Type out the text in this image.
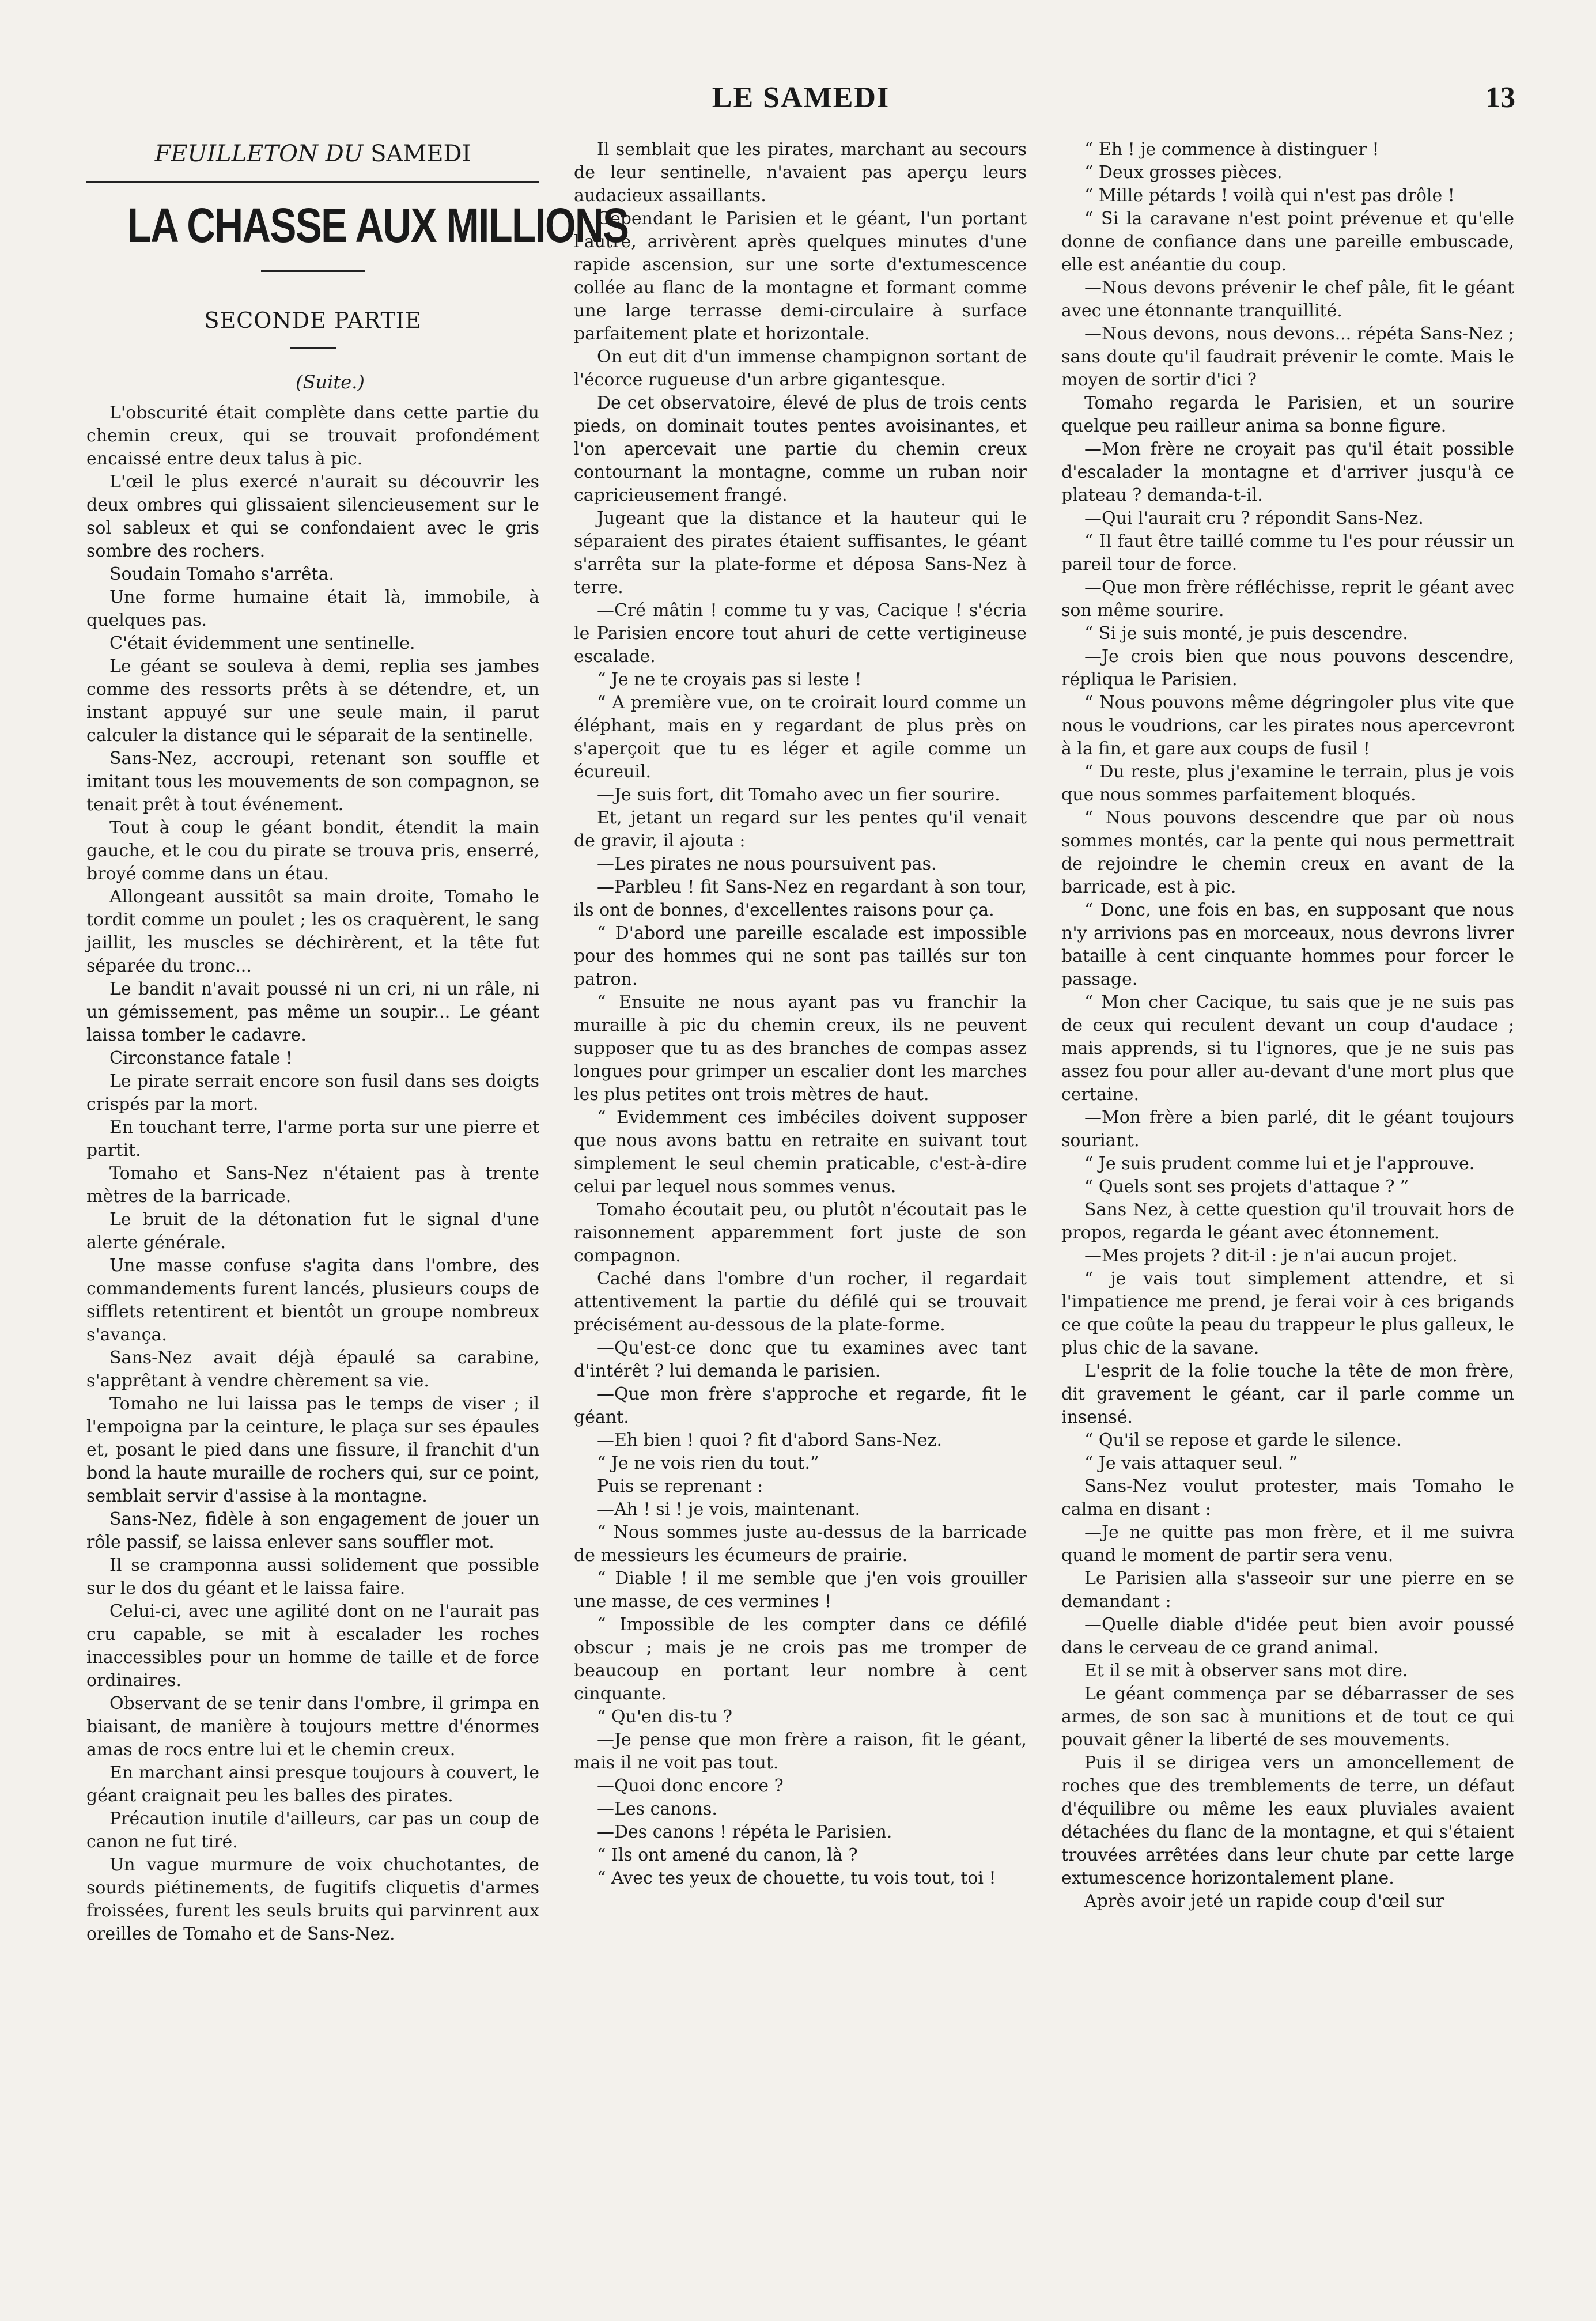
LE SAMEDI	13
FEUILLETON DU SAMEDI
LA CHASSE AUX MILLIONS
SECONDE PARTIE
(Suite.)

L'obscurité était complète dans cette partie du chemin creux, qui se trouvait profondément encaissé entre deux talus à pic.

L'œil le plus exercé n'aurait su découvrir les deux ombres qui glissaient silencieusement sur le sol sableux et qui se confondaient avec le gris sombre des rochers.

Soudain Tomaho s'arrêta.

Une forme humaine était là, immobile, à quelques pas.

C'était évidemment une sentinelle.

Le géant se souleva à demi, replia ses jambes comme des ressorts prêts à se détendre, et, un instant appuyé sur une seule main, il parut calculer la distance qui le séparait de la sentinelle.

Sans-Nez, accroupi, retenant son souffle et imitant tous les mouvements de son compagnon, se tenait prêt à tout événement.

Tout à coup le géant bondit, étendit la main gauche, et le cou du pirate se trouva pris, enserré, broyé comme dans un étau.

Allongeant aussitôt sa main droite, Tomaho le tordit comme un poulet ; les os craquèrent, le sang jaillit, les muscles se déchirèrent, et la tête fut séparée du tronc...

Le bandit n'avait poussé ni un cri, ni un râle, ni un gémissement, pas même un soupir... Le géant laissa tomber le cadavre.

Circonstance fatale !

Le pirate serrait encore son fusil dans ses doigts crispés par la mort.

En touchant terre, l'arme porta sur une pierre et partit.

Tomaho et Sans-Nez n'étaient pas à trente mètres de la barricade.

Le bruit de la détonation fut le signal d'une alerte générale.

Une masse confuse s'agita dans l'ombre, des commandements furent lancés, plusieurs coups de sifflets retentirent et bientôt un groupe nombreux s'avança.

Sans-Nez avait déjà épaulé sa carabine, s'apprêtant à vendre chèrement sa vie.

Tomaho ne lui laissa pas le temps de viser ; il l'empoigna par la ceinture, le plaça sur ses épaules et, posant le pied dans une fissure, il franchit d'un bond la haute muraille de rochers qui, sur ce point, semblait servir d'assise à la montagne.

Sans-Nez, fidèle à son engagement de jouer un rôle passif, se laissa enlever sans souffler mot.

Il se cramponna aussi solidement que possible sur le dos du géant et le laissa faire.

Celui-ci, avec une agilité dont on ne l'aurait pas cru capable, se mit à escalader les roches inaccessibles pour un homme de taille et de force ordinaires.

Observant de se tenir dans l'ombre, il grimpa en biaisant, de manière à toujours mettre d'énormes amas de rocs entre lui et le chemin creux.

En marchant ainsi presque toujours à couvert, le géant craignait peu les balles des pirates.

Précaution inutile d'ailleurs, car pas un coup de canon ne fut tiré.

Un vague murmure de voix chuchotantes, de sourds piétinements, de fugitifs cliquetis d'armes froissées, furent les seuls bruits qui parvinrent aux oreilles de Tomaho et de Sans-Nez.

Il semblait que les pirates, marchant au secours de leur sentinelle, n'avaient pas aperçu leurs audacieux assaillants.

Cependant le Parisien et le géant, l'un portant l'autre, arrivèrent après quelques minutes d'une rapide ascension, sur une sorte d'extumescence collée au flanc de la montagne et formant comme une large terrasse demi-circulaire à surface parfaitement plate et horizontale.

On eut dit d'un immense champignon sortant de l'écorce rugueuse d'un arbre gigantesque.

De cet observatoire, élevé de plus de trois cents pieds, on dominait toutes pentes avoisinantes, et l'on apercevait une partie du chemin creux contournant la montagne, comme un ruban noir capricieusement frangé.

Jugeant que la distance et la hauteur qui le séparaient des pirates étaient suffisantes, le géant s'arrêta sur la plate-forme et déposa Sans-Nez à terre.

—Cré mâtin ! comme tu y vas, Cacique ! s'écria le Parisien encore tout ahuri de cette vertigineuse escalade.

“ Je ne te croyais pas si leste !

“ A première vue, on te croirait lourd comme un éléphant, mais en y regardant de plus près on s'aperçoit que tu es léger et agile comme un écureuil.

—Je suis fort, dit Tomaho avec un fier sourire.

Et, jetant un regard sur les pentes qu'il venait de gravir, il ajouta :

—Les pirates ne nous poursuivent pas.

—Parbleu ! fit Sans-Nez en regardant à son tour, ils ont de bonnes, d'excellentes raisons pour ça.

“ D'abord une pareille escalade est impossible pour des hommes qui ne sont pas taillés sur ton patron.

“ Ensuite ne nous ayant pas vu franchir la muraille à pic du chemin creux, ils ne peuvent supposer que tu as des branches de compas assez longues pour grimper un escalier dont les marches les plus petites ont trois mètres de haut.

“ Evidemment ces imbéciles doivent supposer que nous avons battu en retraite en suivant tout simplement le seul chemin praticable, c'est-à-dire celui par lequel nous sommes venus.

Tomaho écoutait peu, ou plutôt n'écoutait pas le raisonnement apparemment fort juste de son compagnon.

Caché dans l'ombre d'un rocher, il regardait attentivement la partie du défilé qui se trouvait précisément au-dessous de la plate-forme.

—Qu'est-ce donc que tu examines avec tant d'intérêt ? lui demanda le parisien.

—Que mon frère s'approche et regarde, fit le géant.

—Eh bien ! quoi ? fit d'abord Sans-Nez.

“ Je ne vois rien du tout.”

Puis se reprenant :

—Ah ! si ! je vois, maintenant.

“ Nous sommes juste au-dessus de la barricade de messieurs les écumeurs de prairie.

“ Diable ! il me semble que j'en vois grouiller une masse, de ces vermines !

“ Impossible de les compter dans ce défilé obscur ; mais je ne crois pas me tromper de beaucoup en portant leur nombre à cent cinquante.

“ Qu'en dis-tu ?

—Je pense que mon frère a raison, fit le géant, mais il ne voit pas tout.

—Quoi donc encore ?

—Les canons.

—Des canons ! répéta le Parisien.

“ Ils ont amené du canon, là ?

“ Avec tes yeux de chouette, tu vois tout, toi !

“ Eh ! je commence à distinguer !

“ Deux grosses pièces.

“ Mille pétards ! voilà qui n'est pas drôle !

“ Si la caravane n'est point prévenue et qu'elle donne de confiance dans une pareille embuscade, elle est anéantie du coup.

—Nous devons prévenir le chef pâle, fit le géant avec une étonnante tranquillité.

—Nous devons, nous devons... répéta Sans-Nez ; sans doute qu'il faudrait prévenir le comte. Mais le moyen de sortir d'ici ?

Tomaho regarda le Parisien, et un sourire quelque peu railleur anima sa bonne figure.

—Mon frère ne croyait pas qu'il était possible d'escalader la montagne et d'arriver jusqu'à ce plateau ? demanda-t-il.

—Qui l'aurait cru ? répondit Sans-Nez.

“ Il faut être taillé comme tu l'es pour réussir un pareil tour de force.

—Que mon frère réfléchisse, reprit le géant avec son même sourire.

“ Si je suis monté, je puis descendre.

—Je crois bien que nous pouvons descendre, répliqua le Parisien.

“ Nous pouvons même dégringoler plus vite que nous le voudrions, car les pirates nous apercevront à la fin, et gare aux coups de fusil !

“ Du reste, plus j'examine le terrain, plus je vois que nous sommes parfaitement bloqués.

“ Nous pouvons descendre que par où nous sommes montés, car la pente qui nous permettrait de rejoindre le chemin creux en avant de la barricade, est à pic.

“ Donc, une fois en bas, en supposant que nous n'y arrivions pas en morceaux, nous devrons livrer bataille à cent cinquante hommes pour forcer le passage.

“ Mon cher Cacique, tu sais que je ne suis pas de ceux qui reculent devant un coup d'audace ; mais apprends, si tu l'ignores, que je ne suis pas assez fou pour aller au-devant d'une mort plus que certaine.

—Mon frère a bien parlé, dit le géant toujours souriant.

“ Je suis prudent comme lui et je l'approuve.

“ Quels sont ses projets d'attaque ? ”

Sans Nez, à cette question qu'il trouvait hors de propos, regarda le géant avec étonnement.

—Mes projets ? dit-il : je n'ai aucun projet.

“ je vais tout simplement attendre, et si l'impatience me prend, je ferai voir à ces brigands ce que coûte la peau du trappeur le plus galleux, le plus chic de la savane.

L'esprit de la folie touche la tête de mon frère, dit gravement le géant, car il parle comme un insensé.

“ Qu'il se repose et garde le silence.

“ Je vais attaquer seul. ”

Sans-Nez voulut protester, mais Tomaho le calma en disant :

—Je ne quitte pas mon frère, et il me suivra quand le moment de partir sera venu.

Le Parisien alla s'asseoir sur une pierre en se demandant :

—Quelle diable d'idée peut bien avoir poussé dans le cerveau de ce grand animal.

Et il se mit à observer sans mot dire.

Le géant commença par se débarrasser de ses armes, de son sac à munitions et de tout ce qui pouvait gêner la liberté de ses mouvements.

Puis il se dirigea vers un amoncellement de roches que des tremblements de terre, un défaut d'équilibre ou même les eaux pluviales avaient détachées du flanc de la montagne, et qui s'étaient trouvées arrêtées dans leur chute par cette large extumescence horizontalement plane.

Après avoir jeté un rapide coup d'œil sur
